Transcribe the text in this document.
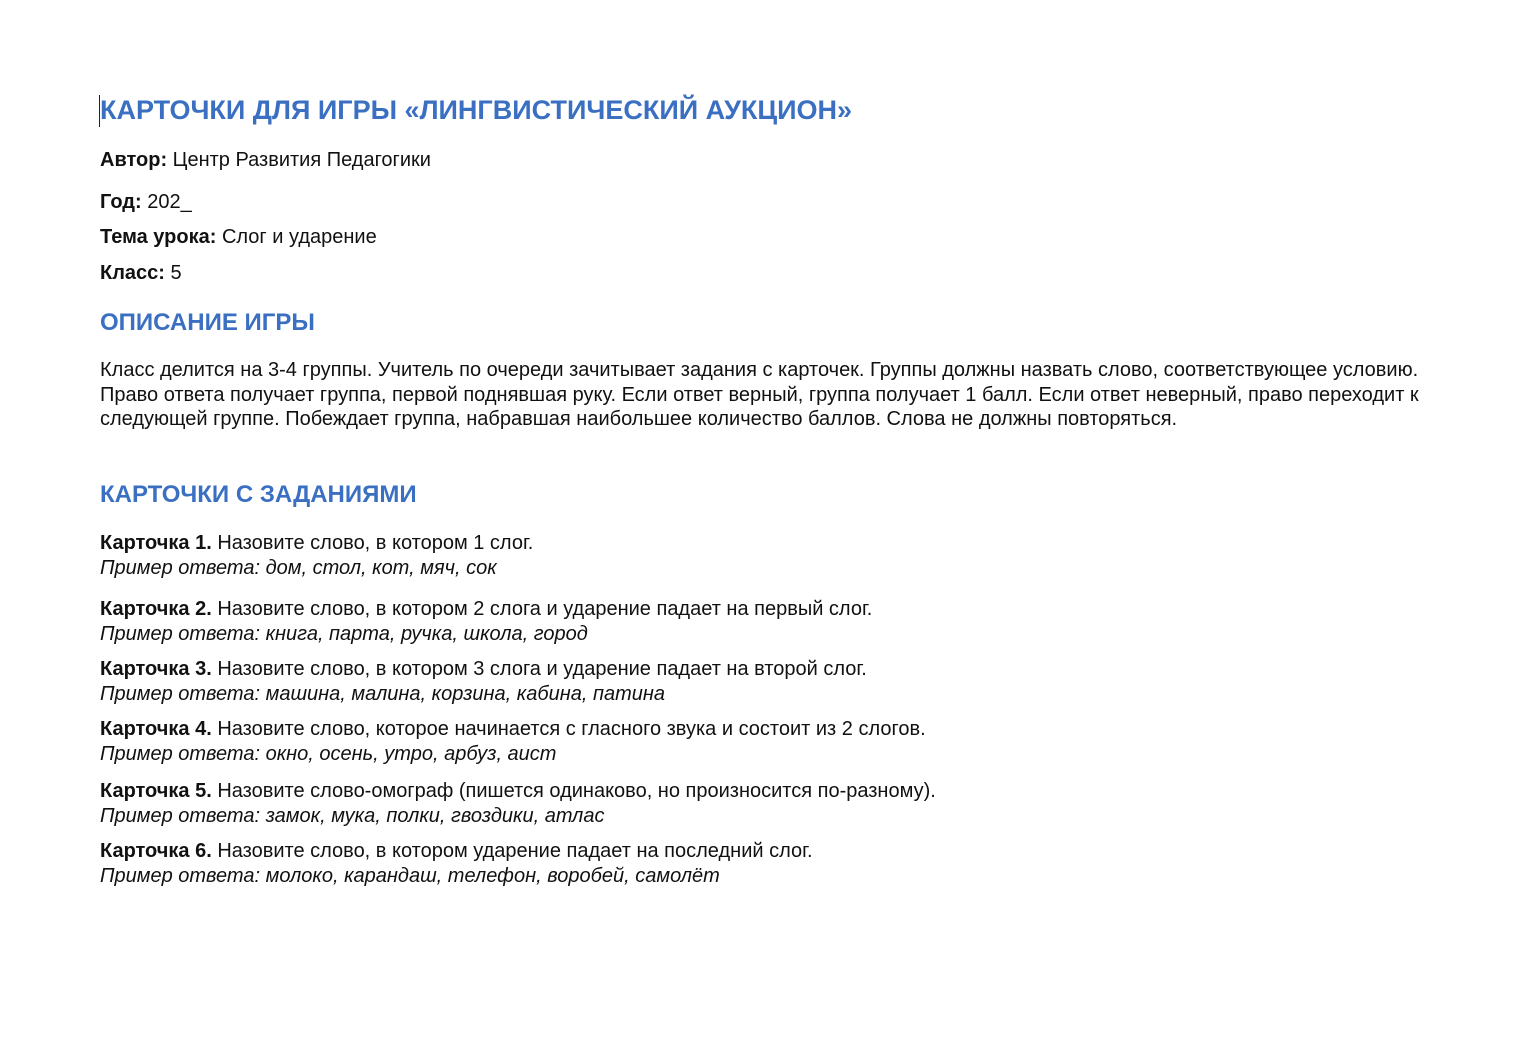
КАРТОЧКИ ДЛЯ ИГРЫ «ЛИНГВИСТИЧЕСКИЙ АУКЦИОН»

Автор: Центр Развития Педагогики

Год: 202_

Тема урока: Слог и ударение

Класс: 5

ОПИСАНИЕ ИГРЫ

Класс делится на 3-4 группы. Учитель по очереди зачитывает задания с карточек. Группы должны назвать слово, соответствующее условию. Право ответа получает группа, первой поднявшая руку. Если ответ верный, группа получает 1 балл. Если ответ неверный, право переходит к следующей группе. Побеждает группа, набравшая наибольшее количество баллов. Слова не должны повторяться.

КАРТОЧКИ С ЗАДАНИЯМИ
Карточка 1. Назовите слово, в котором 1 слог.
Пример ответа: дом, стол, кот, мяч, сок
Карточка 2. Назовите слово, в котором 2 слога и ударение падает на первый слог.
Пример ответа: книга, парта, ручка, школа, город
Карточка 3. Назовите слово, в котором 3 слога и ударение падает на второй слог.
Пример ответа: машина, малина, корзина, кабина, патина
Карточка 4. Назовите слово, которое начинается с гласного звука и состоит из 2 слогов.
Пример ответа: окно, осень, утро, арбуз, аист
Карточка 5. Назовите слово-омограф (пишется одинаково, но произносится по-разному).
Пример ответа: замок, мука, полки, гвоздики, атлас
Карточка 6. Назовите слово, в котором ударение падает на последний слог.
Пример ответа: молоко, карандаш, телефон, воробей, самолёт
